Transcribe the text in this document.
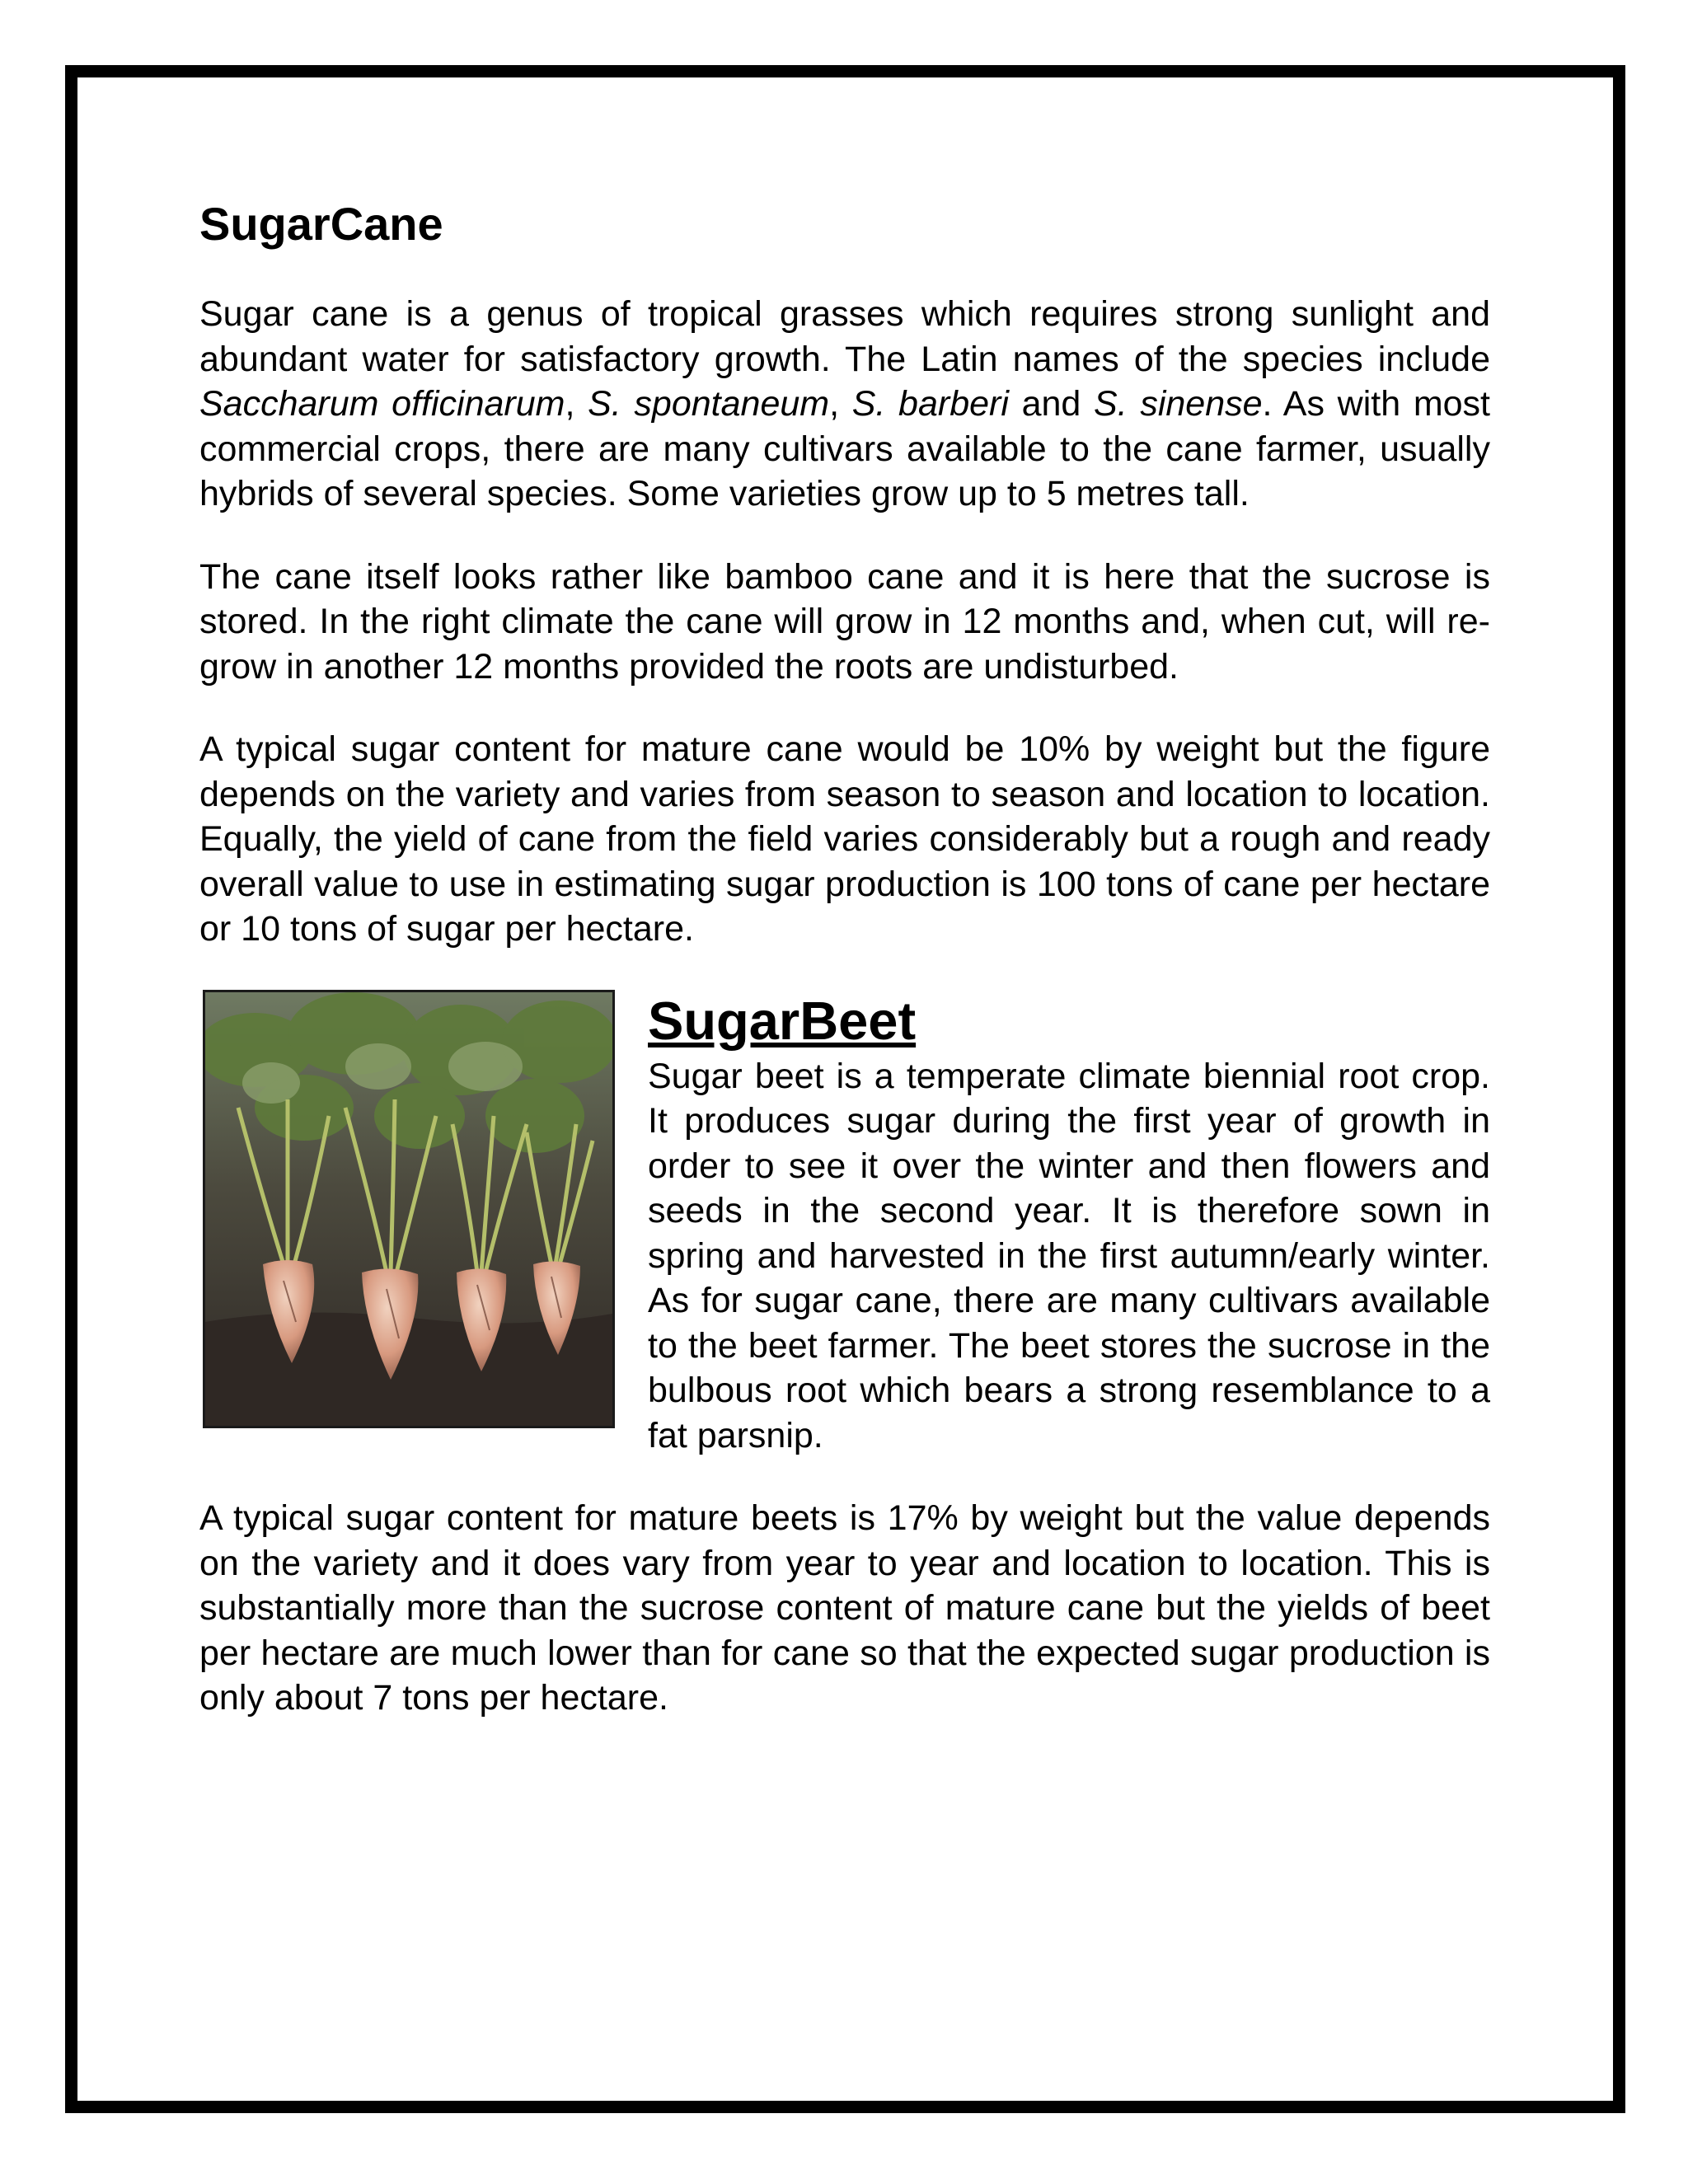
SugarCane

Sugar cane is a genus of tropical grasses which requires strong sunlight and abundant water for satisfactory growth. The Latin names of the species include Saccharum officinarum, S. spontaneum, S. barberi and S. sinense. As with most commercial crops, there are many cultivars available to the cane farmer, usually hybrids of several species. Some varieties grow up to 5 metres tall.

The cane itself looks rather like bamboo cane and it is here that the sucrose is stored. In the right climate the cane will grow in 12 months and, when cut, will re-grow in another 12 months provided the roots are undisturbed.

A typical sugar content for mature cane would be 10% by weight but the figure depends on the variety and varies from season to season and location to location. Equally, the yield of cane from the field varies considerably but a rough and ready overall value to use in estimating sugar production is 100 tons of cane per hectare or 10 tons of sugar per hectare.

SugarBeet

Sugar beet is a temperate climate biennial root crop. It produces sugar during the first year of growth in order to see it over the winter and then flowers and seeds in the second year. It is therefore sown in spring and harvested in the first autumn/early winter. As for sugar cane, there are many cultivars available to the beet farmer. The beet stores the sucrose in the bulbous root which bears a strong resemblance to a fat parsnip.

A typical sugar content for mature beets is 17% by weight but the value depends on the variety and it does vary from year to year and location to location. This is substantially more than the sucrose content of mature cane but the yields of beet per hectare are much lower than for cane so that the expected sugar production is only about 7 tons per hectare.
